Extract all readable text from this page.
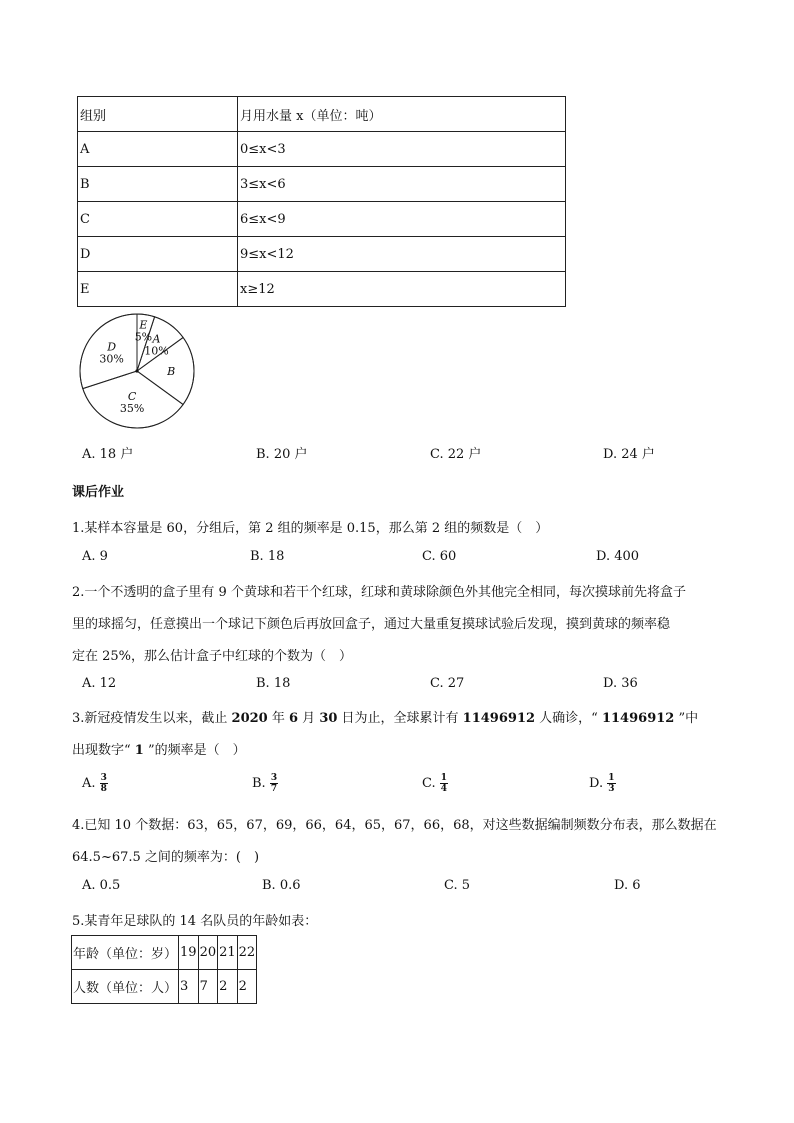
组别	月用水量 x（单位：吨）
A	0≤x<3
B	3≤x<6
C	6≤x<9
D	9≤x<12
E	x≥12
A
10%
B
C
35%
D
30%
E
5%
A. 18 户	B. 20 户	C. 22 户	D. 24 户
课后作业
1.某样本容量是 60，分组后，第 2 组的频率是 0.15，那么第 2 组的频数是（　）
A. 9	B. 18	C. 60	D. 400
2.一个不透明的盒子里有 9 个黄球和若干个红球，红球和黄球除颜色外其他完全相同，每次摸球前先将盒子
里的球摇匀，任意摸出一个球记下颜色后再放回盒子，通过大量重复摸球试验后发现，摸到黄球的频率稳
定在 25%，那么估计盒子中红球的个数为（　）
A. 12	B. 18	C. 27	D. 36
3.新冠疫情发生以来，截止 2020 年 6 月 30 日为止，全球累计有 11496912 人确诊，“ 11496912 ”中
出现数字“ 1 ”的频率是（　）
A. $\frac{3}{8}$	B. $\frac{3}{7}$	C. $\frac{1}{4}$	D. $\frac{1}{3}$
4.已知 10 个数据：63，65，67，69，66，64，65，67，66，68，对这些数据编制频数分布表，那么数据在
64.5~67.5 之间的频率为：(　)
A. 0.5	B. 0.6	C. 5	D. 6
5.某青年足球队的 14 名队员的年龄如表：
年龄（单位：岁）	19	20	21	22
人数（单位：人）	3	7	2	2
